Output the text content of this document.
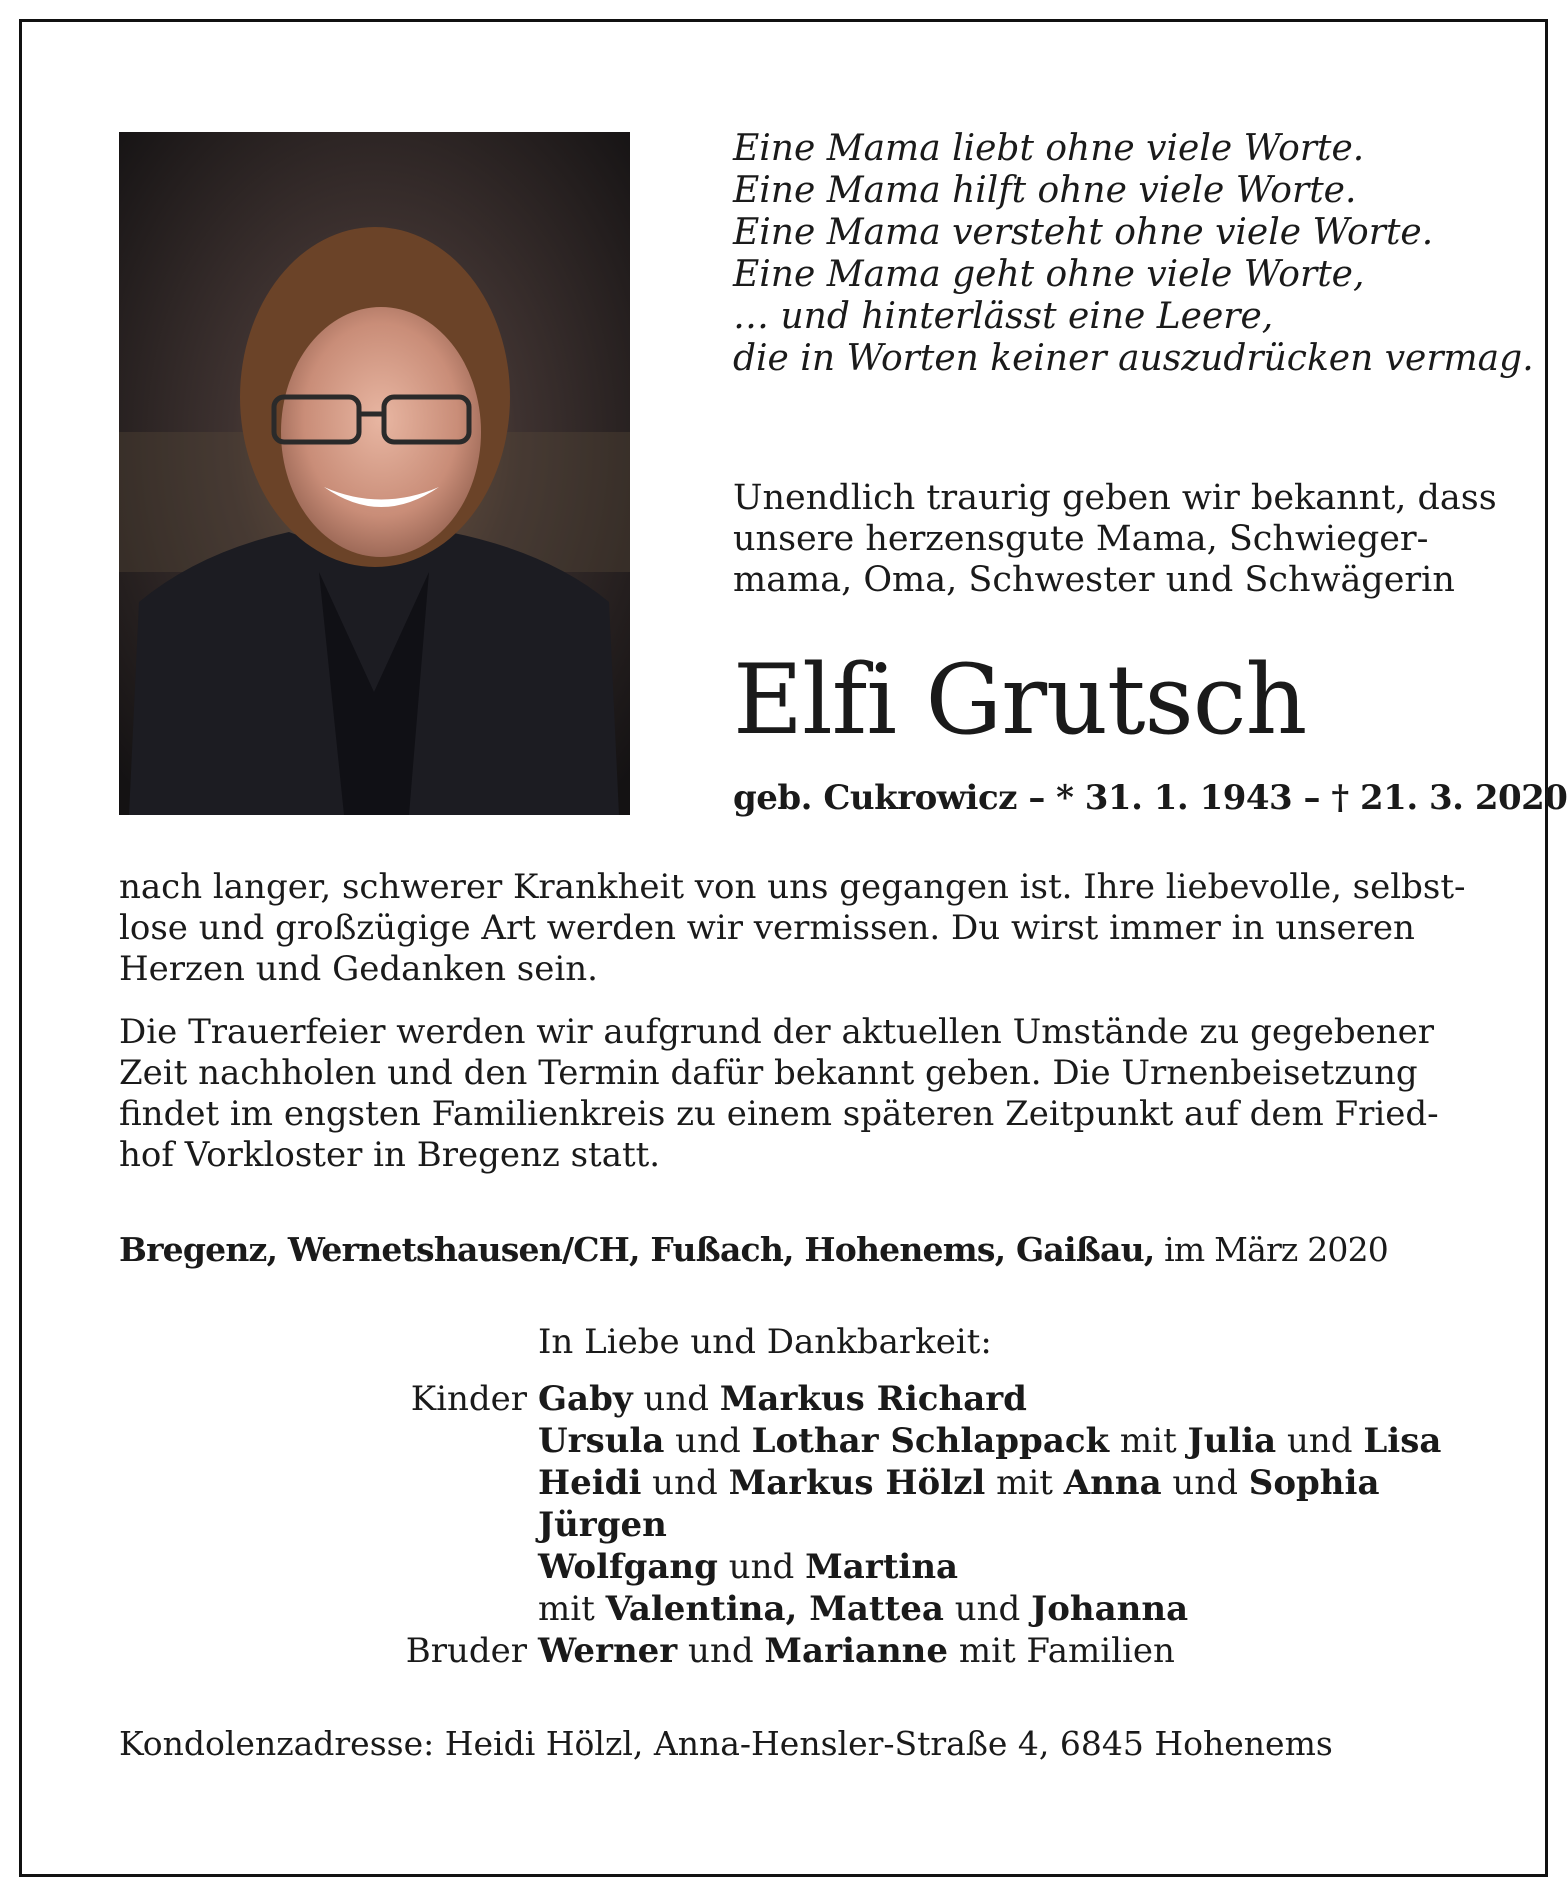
Eine Mama liebt ohne viele Worte.
Eine Mama hilft ohne viele Worte.
Eine Mama versteht ohne viele Worte.
Eine Mama geht ohne viele Worte,
… und hinterlässt eine Leere,
die in Worten keiner auszudrücken vermag.
Unendlich traurig geben wir bekannt, dass
unsere herzensgute Mama, Schwieger-
mama, Oma, Schwester und Schwägerin
Elfi Grutsch
geb. Cukrowicz – * 31. 1. 1943 – † 21. 3. 2020
nach langer, schwerer Krankheit von uns gegangen ist. Ihre liebevolle, selbst-
lose und großzügige Art werden wir vermissen. Du wirst immer in unseren
Herzen und Gedanken sein.
Die Trauerfeier werden wir aufgrund der aktuellen Umstände zu gegebener
Zeit nachholen und den Termin dafür bekannt geben. Die Urnenbeisetzung
findet im engsten Familienkreis zu einem späteren Zeitpunkt auf dem Fried-
hof Vorkloster in Bregenz statt.
Bregenz, Wernetshausen/CH, Fußach, Hohenems, Gaißau, im März 2020
In Liebe und Dankbarkeit:
Kinder Gaby und Markus Richard
Ursula und Lothar Schlappack mit Julia und Lisa
Heidi und Markus Hölzl mit Anna und Sophia
Jürgen
Wolfgang und Martina
mit Valentina, Mattea und Johanna
Bruder Werner und Marianne mit Familien
Kondolenzadresse: Heidi Hölzl, Anna-Hensler-Straße 4, 6845 Hohenems
